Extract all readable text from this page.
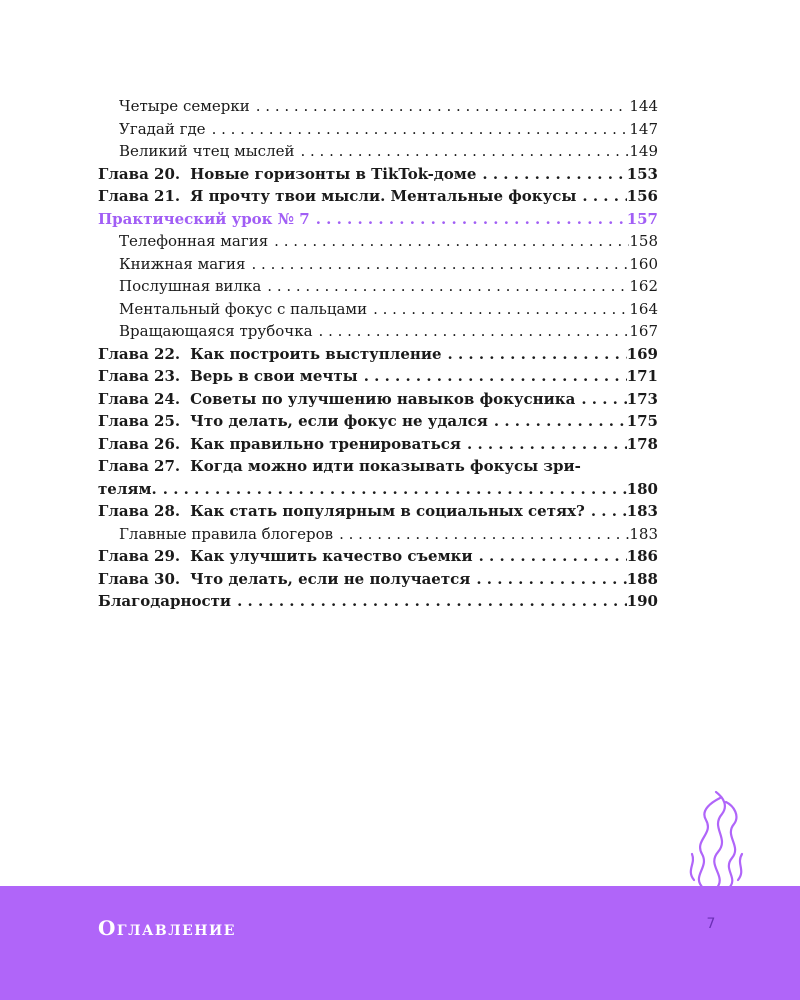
Четыре семерки . . .	144
Угадай где . . .	147
Великий чтец мыслей . . .	149
Глава 20. Новые горизонты в TikTok-доме . .	153
Глава 21. Я прочту твои мысли. Ментальные фокусы . .	156
Практический урок № 7 . .	157
Телефонная магия . . .	158
Книжная магия . . .	160
Послушная вилка . . .	162
Ментальный фокус с пальцами . . .	164
Вращающаяся трубочка . . .	167
Глава 22. Как построить выступление . .	169
Глава 23. Верь в свои мечты . .	171
Глава 24. Советы по улучшению навыков фокусника . .	173
Глава 25. Что делать, если фокус не удался . .	175
Глава 26. Как правильно тренироваться . .	178
Глава 27. Когда можно идти показывать фокусы зри-
телям. . .	180
Глава 28. Как стать популярным в социальных сетях? . .	183
Главные правила блогеров . . .	183
Глава 29. Как улучшить качество съемки . .	186
Глава 30. Что делать, если не получается . .	188
Благодарности . .	190
Оглавление	7
